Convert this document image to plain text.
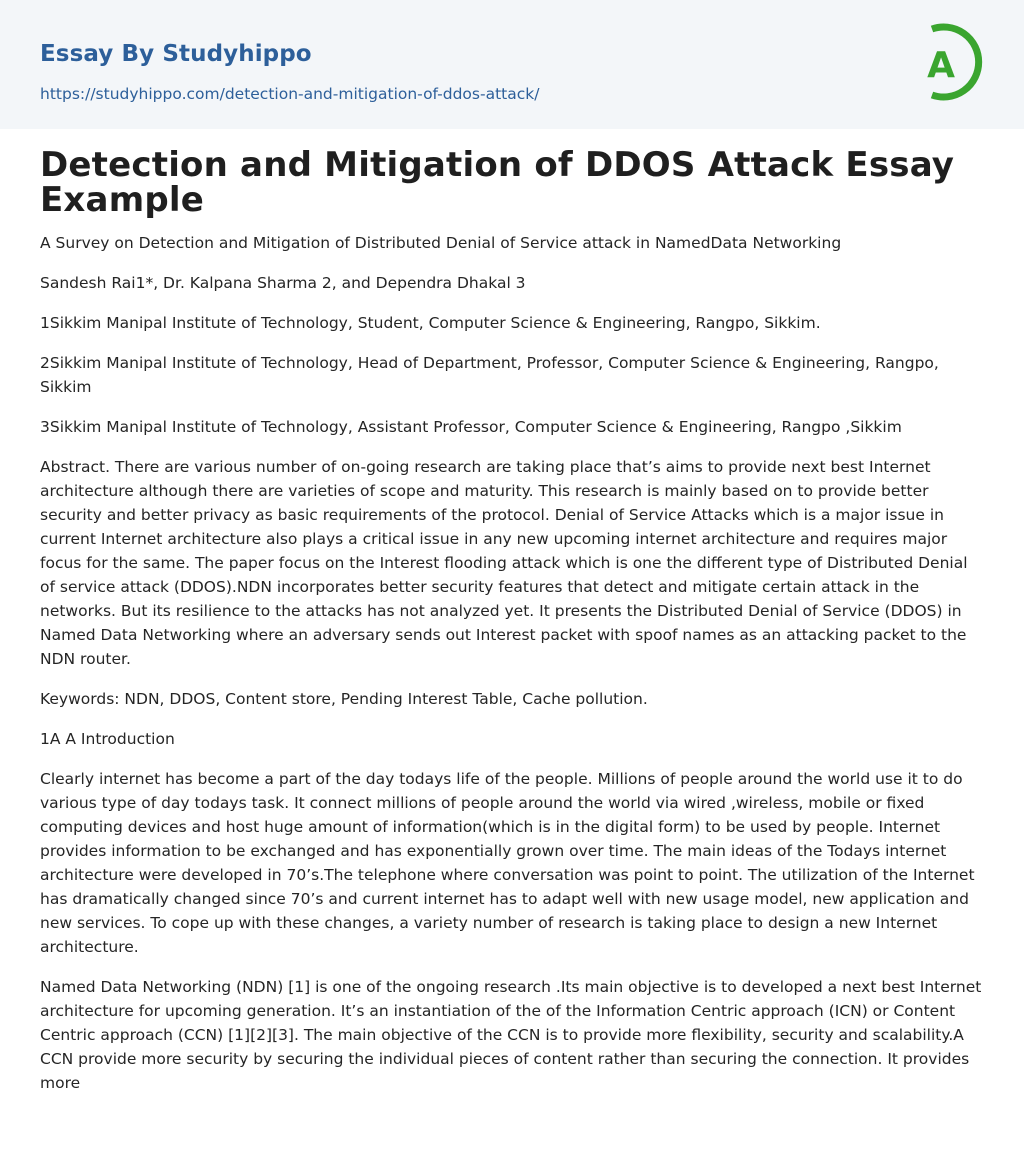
Essay By Studyhippo
https://studyhippo.com/detection-and-mitigation-of-ddos-attack/
A
Detection and Mitigation of DDOS Attack Essay Example

A Survey on Detection and Mitigation of Distributed Denial of Service attack in NamedData Networking

Sandesh Rai1*, Dr. Kalpana Sharma 2, and Dependra Dhakal 3

1Sikkim Manipal Institute of Technology, Student, Computer Science & Engineering, Rangpo, Sikkim.

2Sikkim Manipal Institute of Technology, Head of Department, Professor, Computer Science & Engineering, Rangpo, Sikkim

3Sikkim Manipal Institute of Technology, Assistant Professor, Computer Science & Engineering, Rangpo ,Sikkim

Abstract. There are various number of on-going research are taking place that’s aims to provide next best Internet architecture although there are varieties of scope and maturity. This research is mainly based on to provide better security and better privacy as basic requirements of the protocol. Denial of Service Attacks which is a major issue in current Internet architecture also plays a critical issue in any new upcoming internet architecture and requires major focus for the same. The paper focus on the Interest flooding attack which is one the different type of Distributed Denial of service attack (DDOS).NDN incorporates better security features that detect and mitigate certain attack in the networks. But its resilience to the attacks has not analyzed yet. It presents the Distributed Denial of Service (DDOS) in Named Data Networking where an adversary sends out Interest packet with spoof names as an attacking packet to the NDN router.

Keywords: NDN, DDOS, Content store, Pending Interest Table, Cache pollution.

1A A Introduction

Clearly internet has become a part of the day todays life of the people. Millions of people around the world use it to do various type of day todays task. It connect millions of people around the world via wired ,wireless, mobile or fixed computing devices and host huge amount of information(which is in the digital form) to be used by people. Internet provides information to be exchanged and has exponentially grown over time. The main ideas of the Todays internet architecture were developed in 70’s.The telephone where conversation was point to point. The utilization of the Internet has dramatically changed since 70’s and current internet has to adapt well with new usage model, new application and new services. To cope up with these changes, a variety number of research is taking place to design a new Internet architecture.

Named Data Networking (NDN) [1] is one of the ongoing research .Its main objective is to developed a next best Internet architecture for upcoming generation. It’s an instantiation of the of the Information Centric approach (ICN) or Content Centric approach (CCN) [1][2][3]. The main objective of the CCN is to provide more flexibility, security and scalability.A CCN provide more security by securing the individual pieces of content rather than securing the connection. It provides more
